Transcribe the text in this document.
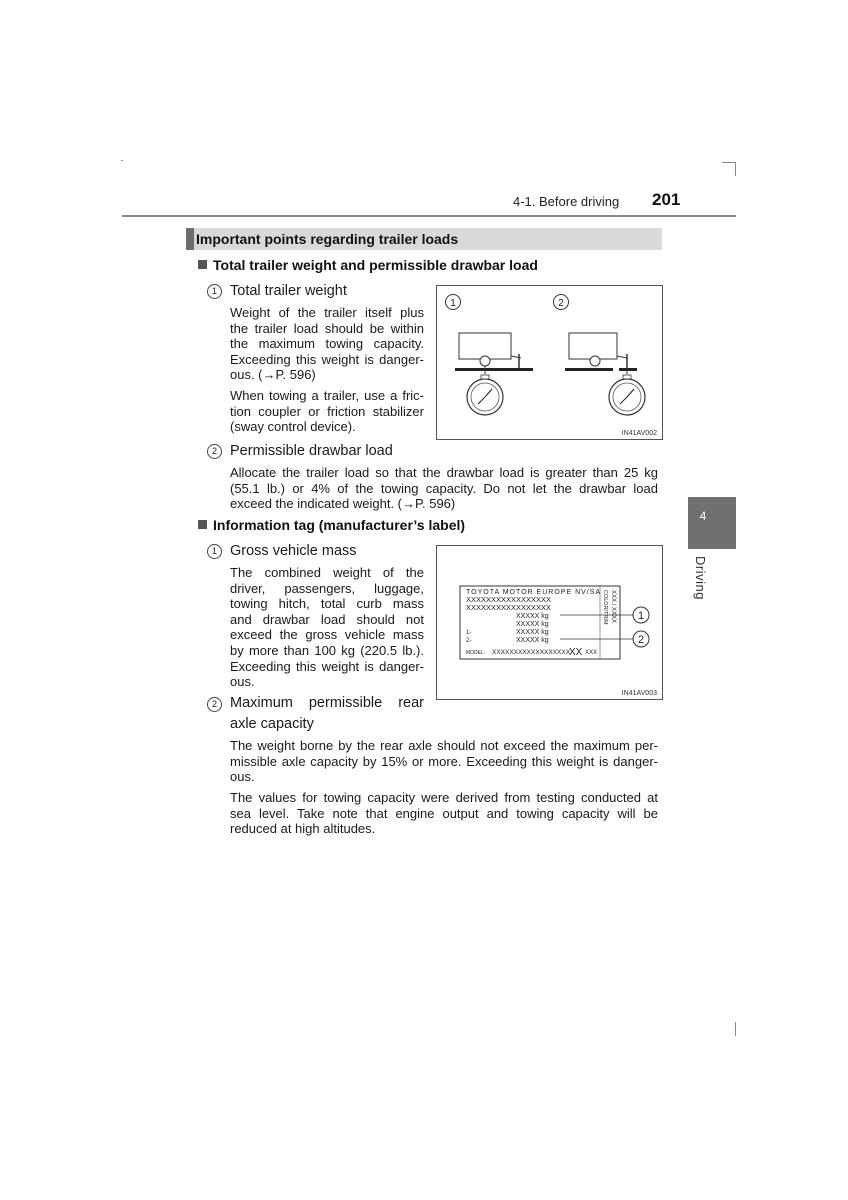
4-1. Before driving 201
4
Driving
Important points regarding trailer loads
Total trailer weight and permissible drawbar load
1 Total trailer weight
Weight of the trailer itself plus
the trailer load should be within
the maximum towing capacity.
Exceeding this weight is danger-
ous. (→P. 596)
When towing a trailer, use a fric-
tion coupler or friction stabilizer
(sway control device).
1	2
IN41AV002
2 Permissible drawbar load
Allocate the trailer load so that the drawbar load is greater than 25 kg
(55.1 lb.) or 4% of the towing capacity. Do not let the drawbar load
exceed the indicated weight. (→P. 596)
Information tag (manufacturer’s label)
1 Gross vehicle mass
The combined weight of the
driver, passengers, luggage,
towing hitch, total curb mass
and drawbar load should not
exceed the gross vehicle mass
by more than 100 kg (220.5 lb.).
Exceeding this weight is danger-
ous.
TOYOTA MOTOR EUROPE NV/SA
XXXXXXXXXXXXXXXXX
XXXXXXXXXXXXXXXXX
XXXXX kg
XXXXX kg
1-	XXXXX kg
2-	XXXXX kg
MODEL: XXXXXXXXXXXXXXXXXX
XX XXX
COLOR/TRIM XXX / XXXX 1
2
IN41AV003
2 Maximum permissible rear
axle capacity
The weight borne by the rear axle should not exceed the maximum per-
missible axle capacity by 15% or more. Exceeding this weight is danger-
ous.
The values for towing capacity were derived from testing conducted at
sea level. Take note that engine output and towing capacity will be
reduced at high altitudes.
